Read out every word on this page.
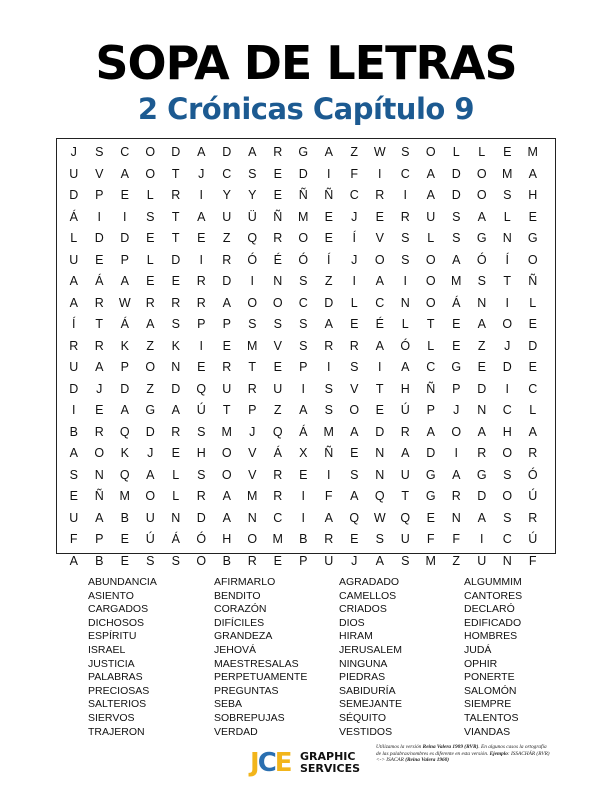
SOPA DE LETRAS
2 Crónicas Capítulo 9
J	S	C	O	D	A	D	A	R	G	A	Z	W	S	O	L	L	E	M
U	V	A	O	T	J	C	S	E	D	I	F	I	C	A	D	O	M	A
D	P	E	L	R	I	Y	Y	E	Ñ	Ñ	C	R	I	A	D	O	S	H
Á	I	I	S	T	A	U	Ü	Ñ	M	E	J	E	R	U	S	A	L	E
L	D	D	E	T	E	Z	Q	R	O	E	Í	V	S	L	S	G	N	G
U	E	P	L	D	I	R	Ó	É	Ó	Í	J	O	S	O	A	Ó	Í	O
A	Á	A	E	E	R	D	I	N	S	Z	I	A	I	O	M	S	T	Ñ
A	R	W	R	R	R	A	O	O	C	D	L	C	N	O	Á	N	I	L
Í	T	Á	A	S	P	P	S	S	S	A	E	É	L	T	E	A	O	E
R	R	K	Z	K	I	E	M	V	S	R	R	A	Ó	L	E	Z	J	D
U	A	P	O	N	E	R	T	E	P	I	S	I	A	C	G	E	D	E
D	J	D	Z	D	Q	U	R	U	I	S	V	T	H	Ñ	P	D	I	C
I	E	A	G	A	Ú	T	P	Z	A	S	O	E	Ú	P	J	N	C	L
B	R	Q	D	R	S	M	J	Q	Á	M	A	D	R	A	O	A	H	A
A	O	K	J	E	H	O	V	Á	X	Ñ	E	N	A	D	I	R	O	R
S	N	Q	A	L	S	O	V	R	E	I	S	N	U	G	A	G	S	Ó
E	Ñ	M	O	L	R	A	M	R	I	F	A	Q	T	G	R	D	O	Ú
U	A	B	U	N	D	A	N	C	I	A	Q	W	Q	E	N	A	S	R
F	P	E	Ú	Á	Ó	H	O	M	B	R	E	S	U	F	F	I	C	Ú
A	B	E	S	S	O	B	R	E	P	U	J	A	S	M	Z	U	N	F
ABUNDANCIA
ASIENTO
CARGADOS
DICHOSOS
ESPÍRITU
ISRAEL
JUSTICIA
PALABRAS
PRECIOSAS
SALTERIOS
SIERVOS
TRAJERON
AFIRMARLO
BENDITO
CORAZÓN
DIFÍCILES
GRANDEZA
JEHOVÁ
MAESTRESALAS
PERPETUAMENTE
PREGUNTAS
SEBA
SOBREPUJAS
VERDAD
AGRADADO
CAMELLOS
CRIADOS
DIOS
HIRAM
JERUSALEM
NINGUNA
PIEDRAS
SABIDURÍA
SEMEJANTE
SÉQUITO
VESTIDOS
ALGUMMIM
CANTORES
DECLARÓ
EDIFICADO
HOMBRES
JUDÁ
OPHIR
PONERTE
SALOMÓN
SIEMPRE
TALENTOS
VIANDAS
JCE GRAPHIC
SERVICES
Utilizamos la versión Reina Valera 1909 (RVR). En algunos casos la ortografía de las palabras/nombres es diferente en esta versión. Ejemplo: ISSACHÁR (RVR) <-> ISACAR (Reina Valera 1960)
